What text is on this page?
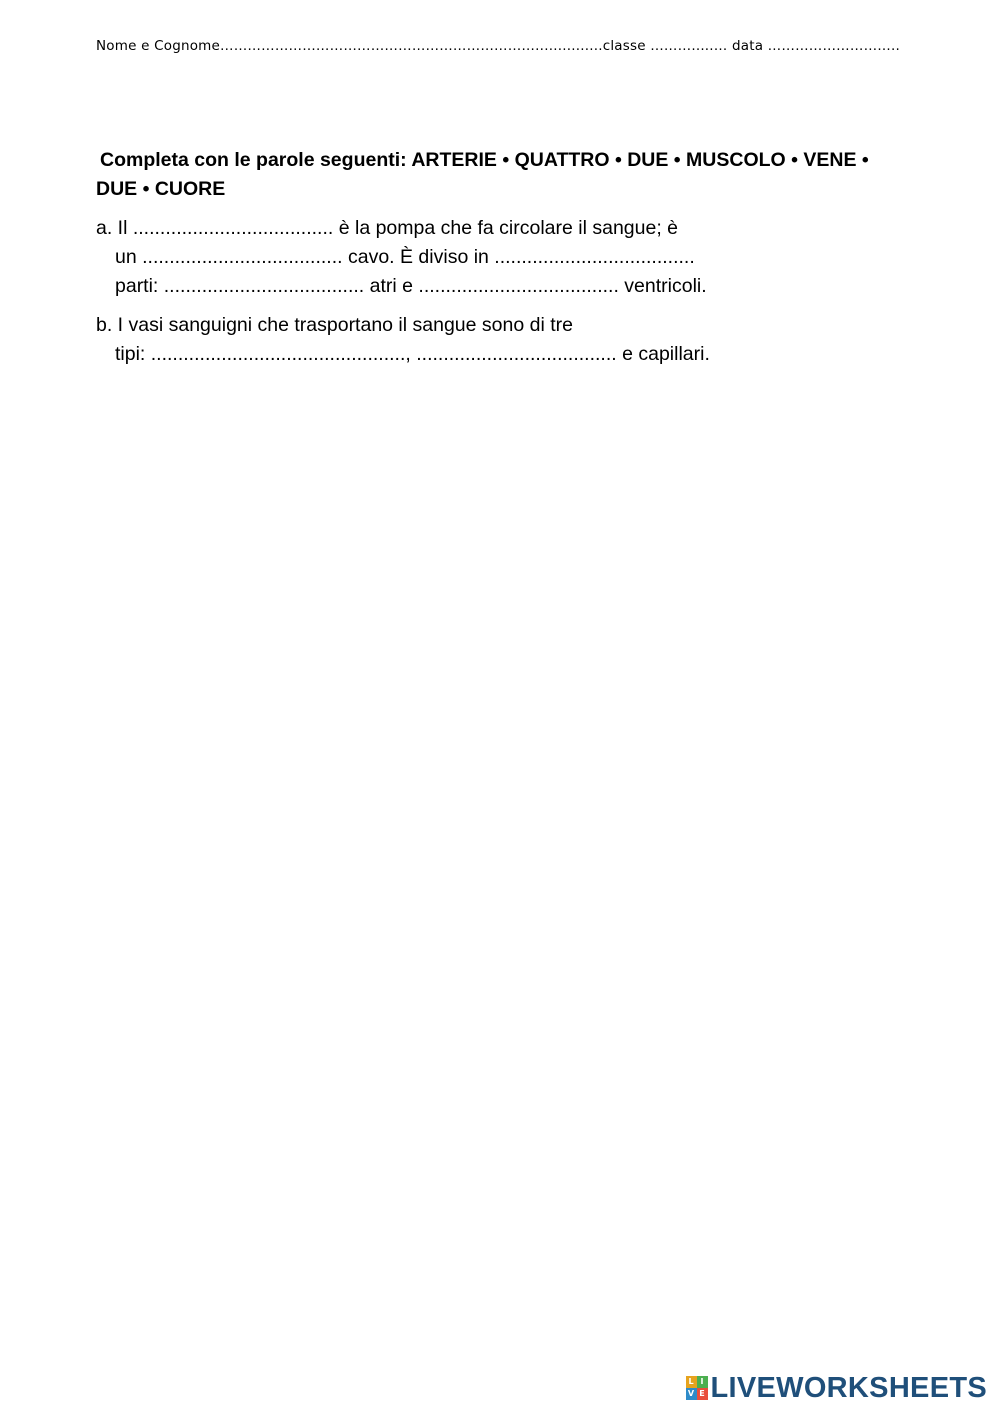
Nome e Cognome……………………………………………………………..…..........classe ……….....… data ………………………..
Completa con le parole seguenti: ARTERIE • QUATTRO • DUE • MUSCOLO • VENE •
DUE • CUORE
a. Il ..................................... è la pompa che fa circolare il sangue; è
un ..................................... cavo. È diviso in .....................................
parti: ..................................... atri e ..................................... ventricoli.
b. I vasi sanguigni che trasportano il sangue sono di tre
tipi: ..............................................., ..................................... e capillari.
L I
V E LIVEWORKSHEETS
